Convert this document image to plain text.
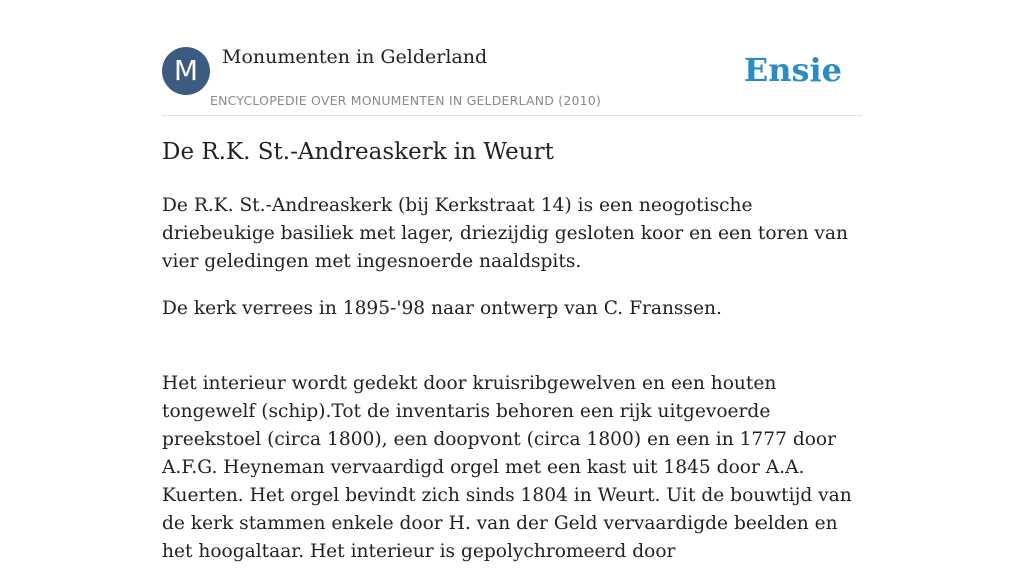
M	Monumenten in Gelderland
ENCYCLOPEDIE OVER MONUMENTEN IN GELDERLAND (2010)
Ensie
De R.K. St.-Andreaskerk in Weurt

De R.K. St.-Andreaskerk (bij Kerkstraat 14) is een neogotische driebeukige basiliek met lager, driezijdig gesloten koor en een toren van vier geledingen met ingesnoerde naaldspits.

De kerk verrees in 1895-'98 naar ontwerp van C. Franssen.

Het interieur wordt gedekt door kruisribgewelven en een houten tongewelf (schip).Tot de inventaris behoren een rijk uitgevoerde preekstoel (circa 1800), een doopvont (circa 1800) en een in 1777 door A.F.G. Heyneman vervaardigd orgel met een kast uit 1845 door A.A. Kuerten. Het orgel bevindt zich sinds 1804 in Weurt. Uit de bouwtijd van de kerk stammen enkele door H. van der Geld vervaardigde beelden en het hoogaltaar. Het interieur is gepolychromeerd door
